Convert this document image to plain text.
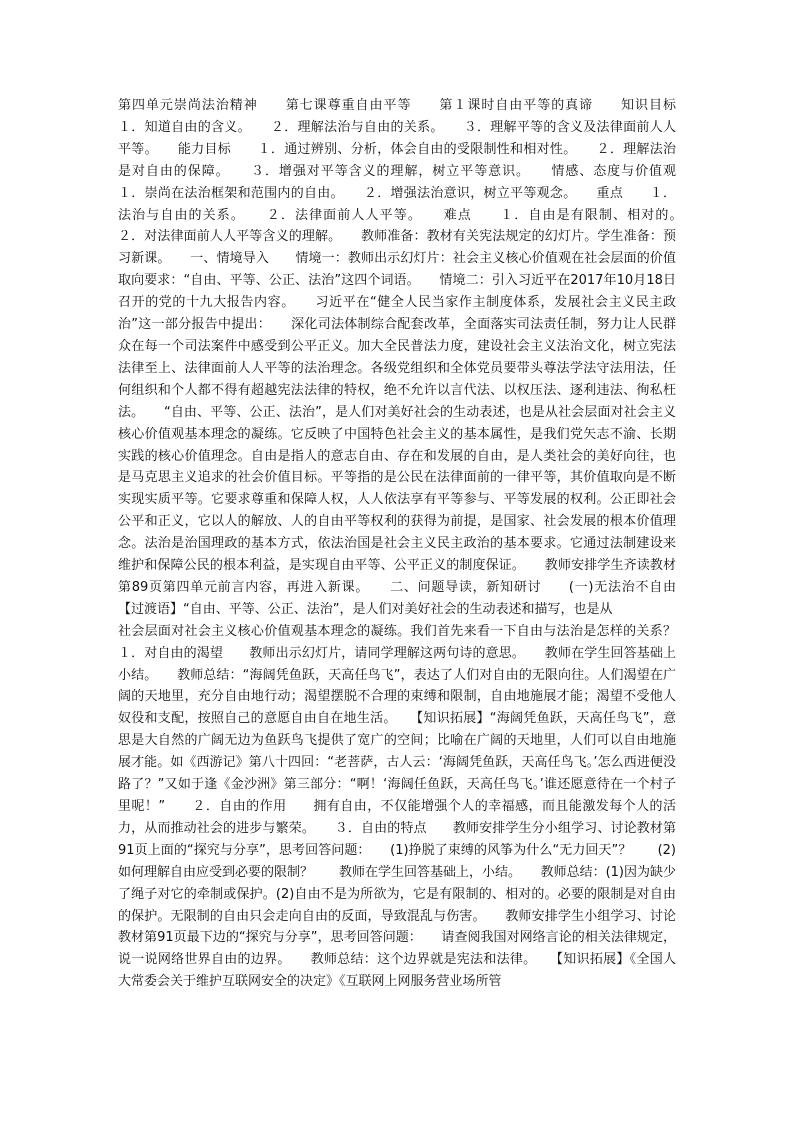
第四单元崇尚法治精神　　第七课尊重自由平等　　第１课时自由平等的真谛　　知识目标　　１．知道自由的含义。　　２．理解法治与自由的关系。　　３．理解平等的含义及法律面前人人平等。　　能力目标　　１．通过辨别、分析，体会自由的受限制性和相对性。　　２．理解法治是对自由的保障。　　３．增强对平等含义的理解，树立平等意识。　　情感、态度与价值观　　１．崇尚在法治框架和范围内的自由。　　２．增强法治意识，树立平等观念。　　重点　　１．法治与自由的关系。　　２．法律面前人人平等。　　难点　　１．自由是有限制、相对的。　　２．对法律面前人人平等含义的理解。　　教师准备：教材有关宪法规定的幻灯片。学生准备：预习新课。　　一、情境导入　　情境一：教师出示幻灯片：社会主义核心价值观在社会层面的价值取向要求：“自由、平等、公正、法治”这四个词语。　　情境二：引入习近平在2017年10月18日召开的党的十九大报告内容。　　习近平在“健全人民当家作主制度体系，发展社会主义民主政治”这一部分报告中提出：　　深化司法体制综合配套改革，全面落实司法责任制，努力让人民群众在每一个司法案件中感受到公平正义。加大全民普法力度，建设社会主义法治文化，树立宪法法律至上、法律面前人人平等的法治理念。各级党组织和全体党员要带头尊法学法守法用法，任何组织和个人都不得有超越宪法法律的特权，绝不允许以言代法、以权压法、逐利违法、徇私枉法。　　“自由、平等、公正、法治”，是人们对美好社会的生动表述，也是从社会层面对社会主义核心价值观基本理念的凝练。它反映了中国特色社会主义的基本属性，是我们党矢志不渝、长期实践的核心价值理念。自由是指人的意志自由、存在和发展的自由，是人类社会的美好向往，也是马克思主义追求的社会价值目标。平等指的是公民在法律面前的一律平等，其价值取向是不断实现实质平等。它要求尊重和保障人权，人人依法享有平等参与、平等发展的权利。公正即社会公平和正义，它以人的解放、人的自由平等权利的获得为前提，是国家、社会发展的根本价值理念。法治是治国理政的基本方式，依法治国是社会主义民主政治的基本要求。它通过法制建设来维护和保障公民的根本利益，是实现自由平等、公平正义的制度保证。　　教师安排学生齐读教材第89页第四单元前言内容，再进入新课。　　二、问题导读，新知研讨　　(一)无法治不自由　　【过渡语】“自由、平等、公正、法治”，是人们对美好社会的生动表述和描写，也是从

社会层面对社会主义核心价值观基本理念的凝练。我们首先来看一下自由与法治是怎样的关系？　　１．对自由的渴望　　教师出示幻灯片，请同学理解这两句诗的意思。　　教师在学生回答基础上小结。　　教师总结：“海阔凭鱼跃，天高任鸟飞”，表达了人们对自由的无限向往。人们渴望在广阔的天地里，充分自由地行动；渴望摆脱不合理的束缚和限制，自由地施展才能；渴望不受他人奴役和支配，按照自己的意愿自由自在地生活。　　【知识拓展】“海阔凭鱼跃，天高任鸟飞”，意思是大自然的广阔无边为鱼跃鸟飞提供了宽广的空间；比喻在广阔的天地里，人们可以自由地施展才能。如《西游记》第八十四回：“老菩萨，古人云：‘海阔凭鱼跃，天高任鸟飞。’怎么西进便没路了？”又如于逢《金沙洲》第三部分：“啊！‘海阔任鱼跃，天高任鸟飞。’谁还愿意待在一个村子里呢！”　　２．自由的作用　　拥有自由，不仅能增强个人的幸福感，而且能激发每个人的活力，从而推动社会的进步与繁荣。　　３．自由的特点　　教师安排学生分小组学习、讨论教材第91页上面的“探究与分享”，思考回答问题：　　(1)挣脱了束缚的风筝为什么“无力回天”？　　(2)如何理解自由应受到必要的限制？　　教师在学生回答基础上，小结。　　教师总结：(1)因为缺少了绳子对它的牵制或保护。(2)自由不是为所欲为，它是有限制的、相对的。必要的限制是对自由的保护。无限制的自由只会走向自由的反面，导致混乱与伤害。　　教师安排学生小组学习、讨论教材第91页最下边的“探究与分享”，思考回答问题：　　请查阅我国对网络言论的相关法律规定，说一说网络世界自由的边界。　　教师总结：这个边界就是宪法和法律。　　【知识拓展】《全国人大常委会关于维护互联网安全的决定》《互联网上网服务营业场所管
